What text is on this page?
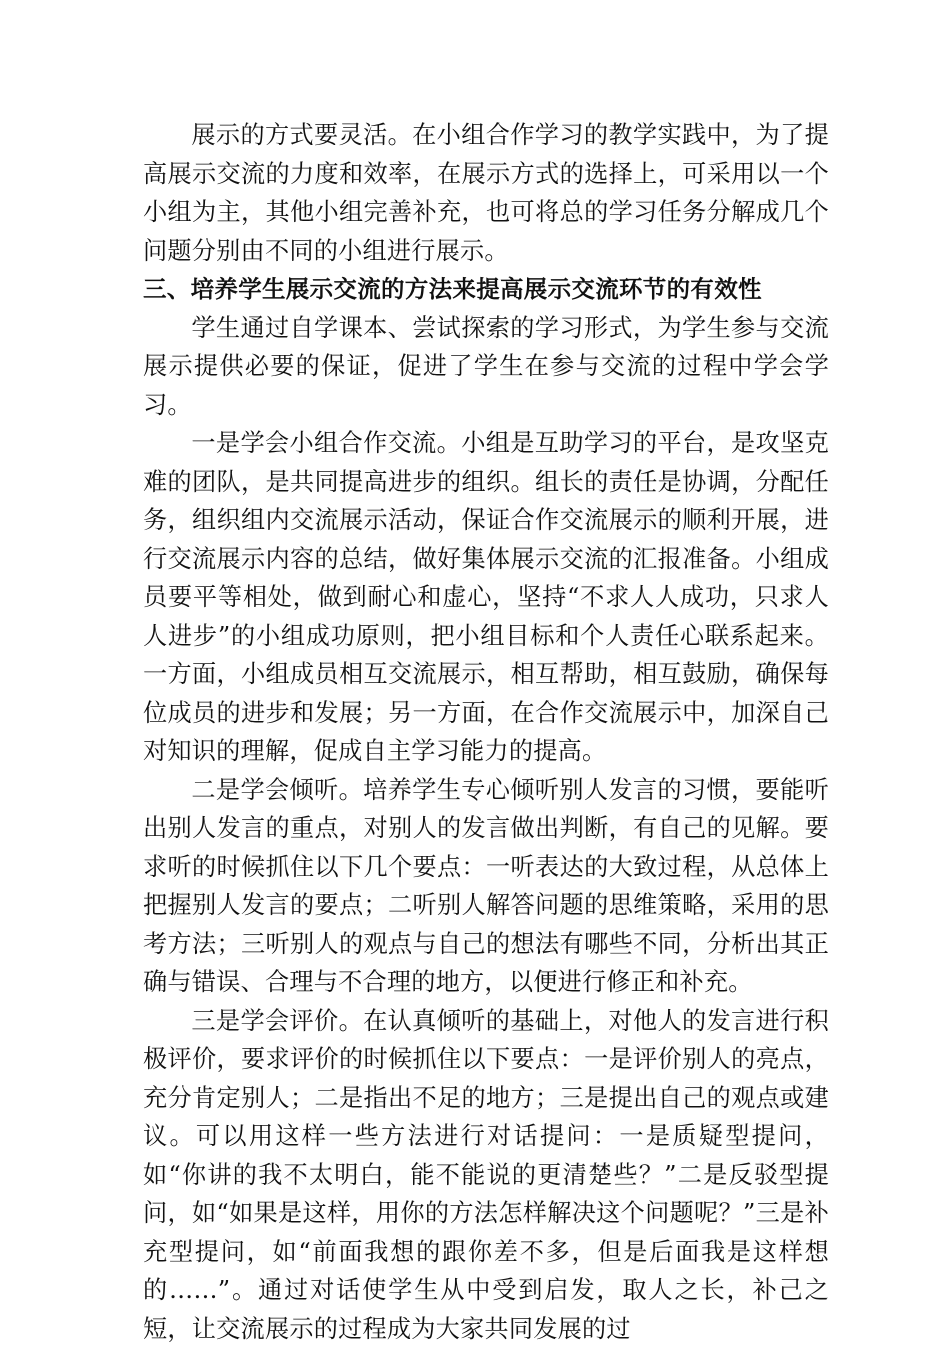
展示的方式要灵活。在小组合作学习的教学实践中，为了提高展示交流的力度和效率，在展示方式的选择上，可采用以一个小组为主，其他小组完善补充，也可将总的学习任务分解成几个问题分别由不同的小组进行展示。

三、培养学生展示交流的方法来提高展示交流环节的有效性

学生通过自学课本、尝试探索的学习形式，为学生参与交流展示提供必要的保证，促进了学生在参与交流的过程中学会学习。

一是学会小组合作交流。小组是互助学习的平台，是攻坚克难的团队，是共同提高进步的组织。组长的责任是协调，分配任务，组织组内交流展示活动，保证合作交流展示的顺利开展，进行交流展示内容的总结，做好集体展示交流的汇报准备。小组成员要平等相处，做到耐心和虚心，坚持“不求人人成功，只求人人进步”的小组成功原则，把小组目标和个人责任心联系起来。一方面，小组成员相互交流展示，相互帮助，相互鼓励，确保每位成员的进步和发展；另一方面，在合作交流展示中，加深自己对知识的理解，促成自主学习能力的提高。

二是学会倾听。培养学生专心倾听别人发言的习惯，要能听出别人发言的重点，对别人的发言做出判断，有自己的见解。要求听的时候抓住以下几个要点：一听表达的大致过程，从总体上把握别人发言的要点；二听别人解答问题的思维策略，采用的思考方法；三听别人的观点与自己的想法有哪些不同，分析出其正确与错误、合理与不合理的地方，以便进行修正和补充。

三是学会评价。在认真倾听的基础上，对他人的发言进行积极评价，要求评价的时候抓住以下要点：一是评价别人的亮点，充分肯定别人；二是指出不足的地方；三是提出自己的观点或建议。可以用这样一些方法进行对话提问：一是质疑型提问，如“你讲的我不太明白，能不能说的更清楚些？”二是反驳型提问，如“如果是这样，用你的方法怎样解决这个问题呢？”三是补充型提问，如“前面我想的跟你差不多，但是后面我是这样想的……”。通过对话使学生从中受到启发，取人之长，补己之短，让交流展示的过程成为大家共同发展的过
